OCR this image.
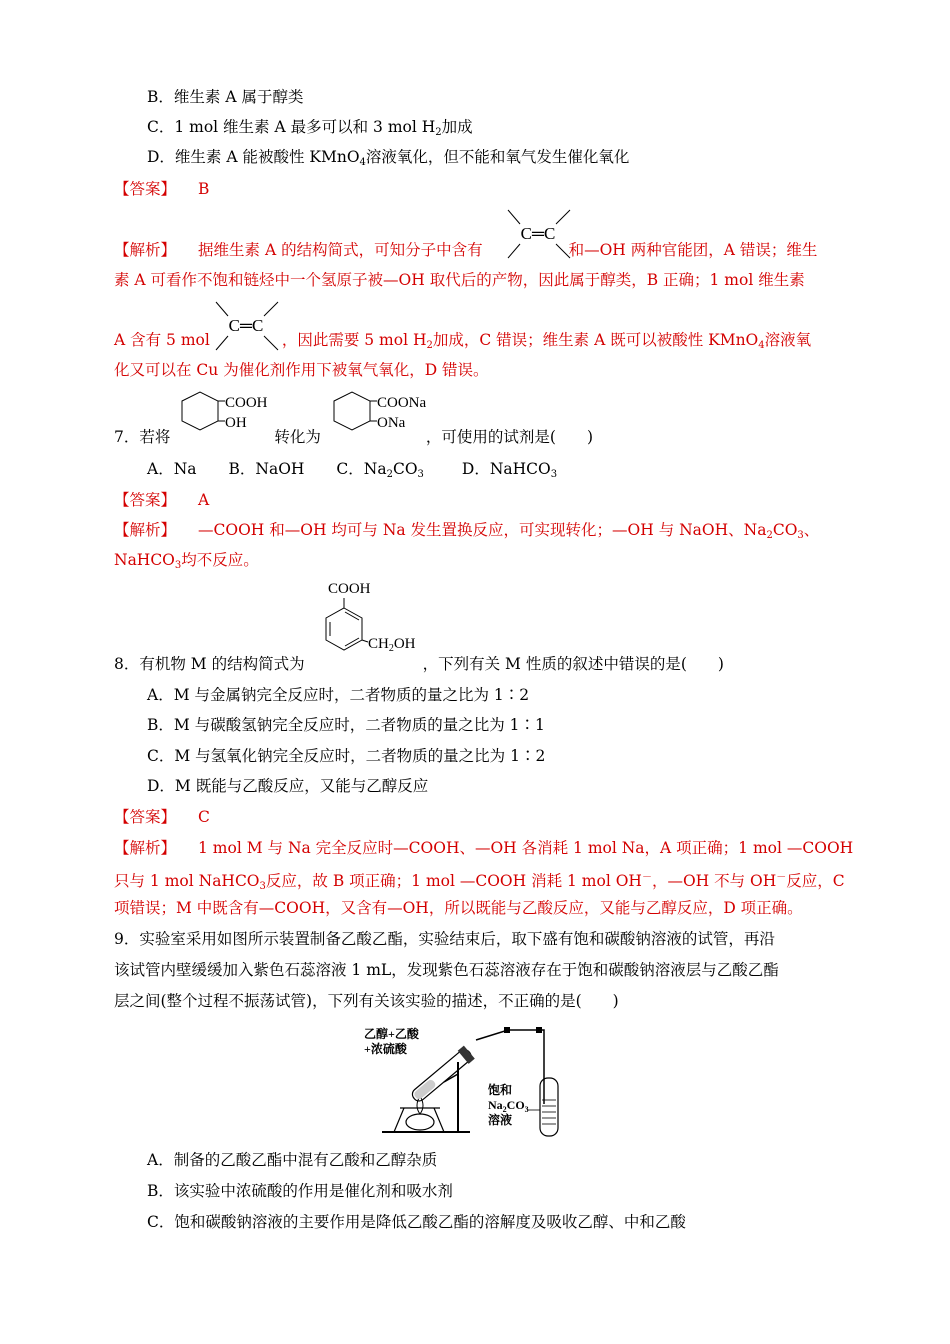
B．维生素 A 属于醇类
C．1 mol 维生素 A 最多可以和 3 mol $H_2$加成
D．维生素 A 能被酸性 KMnO$_4$溶液氧化，但不能和氧气发生催化氧化
【答案】 B
C═C
【解析】 据维生素 A 的结构简式，可知分子中含有	和—OH 两种官能团，A 错误；维生
素 A 可看作不饱和链烃中一个氢原子被—OH 取代后的产物，因此属于醇类，B 正确；1 mol 维生素
C═C
A 含有 5 mol	，因此需要 5 mol $H_2$加成，C 错误；维生素 A 既可以被酸性 KMnO$_4$溶液氧
化又可以在 Cu 为催化剂作用下被氧气氧化，D 错误。
COOH
OH
COONa
ONa
7．若将	转化为	，可使用的试剂是(　　)
A．Na B．NaOH C．$Na_2CO_3$ D．NaHCO$_3$
【答案】 A
【解析】 —COOH 和—OH 均可与 Na 发生置换反应，可实现转化；—OH 与 NaOH、$Na_2CO_3$、
NaHCO$_3$均不反应。
COOH
$CH_2OH$
8．有机物 M 的结构简式为	，下列有关 M 性质的叙述中错误的是(　　)
A．M 与金属钠完全反应时，二者物质的量之比为 1∶2
B．M 与碳酸氢钠完全反应时，二者物质的量之比为 1∶1
C．M 与氢氧化钠完全反应时，二者物质的量之比为 1∶2
D．M 既能与乙酸反应，又能与乙醇反应
【答案】 C
【解析】 1 mol M 与 Na 完全反应时—COOH、—OH 各消耗 1 mol Na，A 项正确；1 mol —COOH
只与 1 mol NaHCO$_3$反应，故 B 项正确；1 mol —COOH 消耗 1 mol OH－，—OH 不与 OH－反应，C
项错误；M 中既含有—COOH，又含有—OH，所以既能与乙酸反应，又能与乙醇反应，D 项正确。
9．实验室采用如图所示装置制备乙酸乙酯，实验结束后，取下盛有饱和碳酸钠溶液的试管，再沿
该试管内壁缓缓加入紫色石蕊溶液 1 mL，发现紫色石蕊溶液存在于饱和碳酸钠溶液层与乙酸乙酯
层之间(整个过程不振荡试管)，下列有关该实验的描述，不正确的是(　　)
乙醇+乙酸
+浓硫酸
饱和
$Na_2CO_3$
溶液
A．制备的乙酸乙酯中混有乙酸和乙醇杂质
B．该实验中浓硫酸的作用是催化剂和吸水剂
C．饱和碳酸钠溶液的主要作用是降低乙酸乙酯的溶解度及吸收乙醇、中和乙酸
